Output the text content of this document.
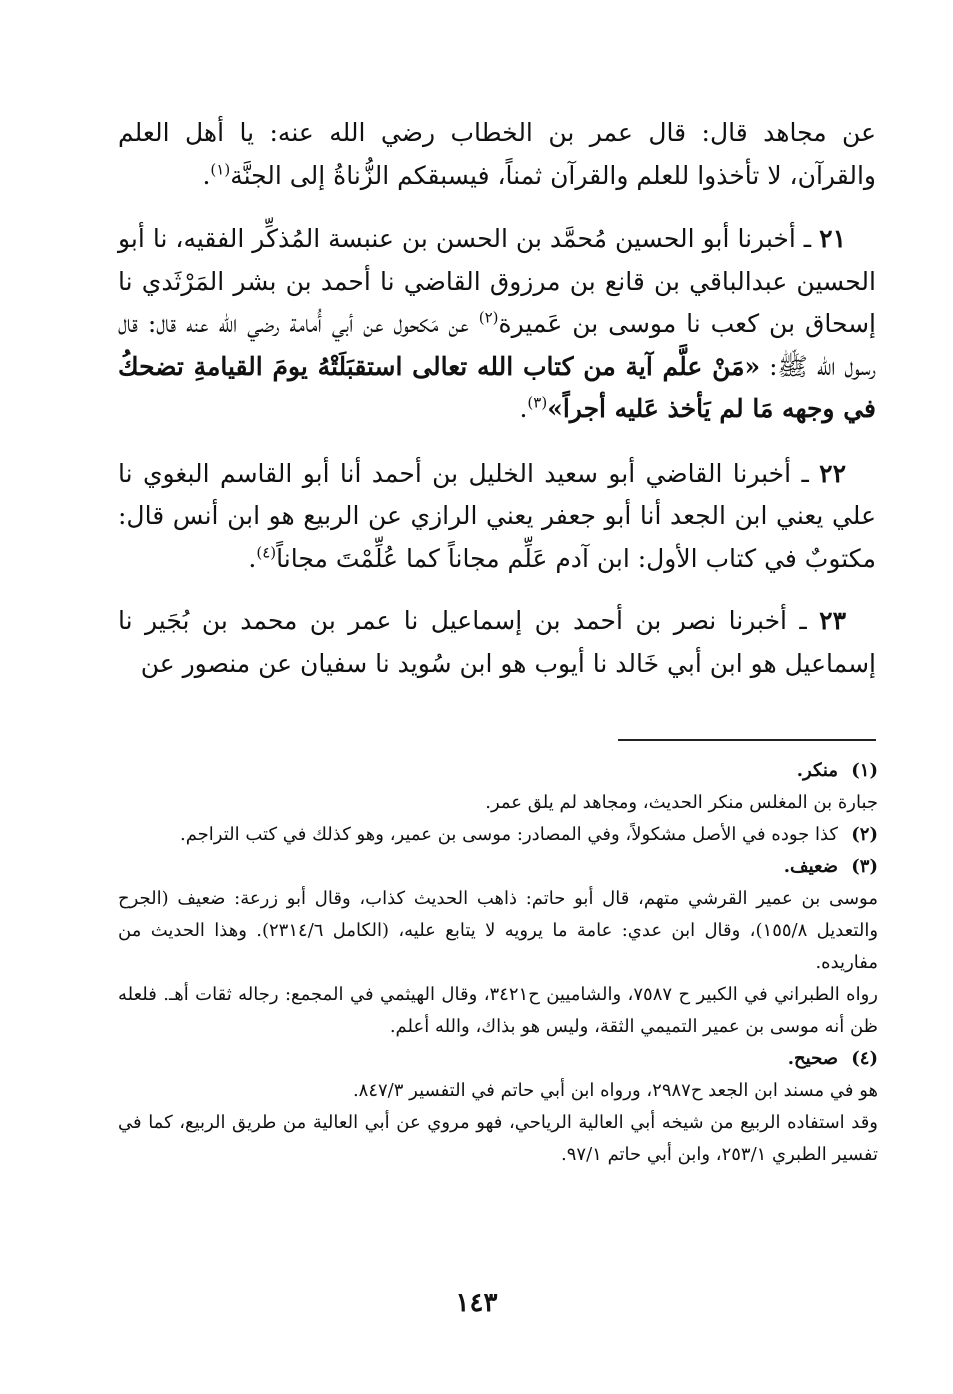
عن مجاهد قال: قال عمر بن الخطاب رضي الله عنه: يا أهل العلم والقرآن، لا تأخذوا للعلم والقرآن ثمناً، فيسبقكم الزُّناةُ إلى الجنَّة$^{(١)}$.

٢١ ـ أخبرنا أبو الحسين مُحمَّد بن الحسن بن عنبسة المُذكِّر الفقيه، نا أبو الحسين عبدالباقي بن قانع بن مرزوق القاضي نا أحمد بن بشر المَرْثَدي نا إسحاق بن كعب نا موسى بن عَميرة$^{(٢)}$ عن مَكحول عن أبي أُمامة رضي الله عنه قال: قال رسول اللّه ﷺ: «مَنْ علَّم آية من كتاب الله تعالى استقبَلَتْهُ يومَ القيامةِ تضحكُ في وجهه مَا لم يَأخذ عَليه أجراً»$^{(٣)}$.

٢٢ ـ أخبرنا القاضي أبو سعيد الخليل بن أحمد أنا أبو القاسم البغوي نا علي يعني ابن الجعد أنا أبو جعفر يعني الرازي عن الربيع هو ابن أنس قال: مكتوبٌ في كتاب الأول: ابن آدم عَلِّم مجاناً كما عُلِّمْتَ مجاناً$^{(٤)}$.

٢٣ ـ أخبرنا نصر بن أحمد بن إسماعيل نا عمر بن محمد بن بُجَير نا إسماعيل هو ابن أبي خَالد نا أيوب هو ابن سُويد نا سفيان عن منصور عن

(١)منكر.

جبارة بن المغلس منكر الحديث، ومجاهد لم يلق عمر.

(٢)
كذا جوده في الأصل مشكولاً، وفي المصادر: موسى بن عمير، وهو كذلك في كتب التراجم.

(٣)ضعيف.

موسى بن عمير القرشي متهم، قال أبو حاتم: ذاهب الحديث كذاب، وقال أبو زرعة: ضعيف (الجرح والتعديل ١٥٥/٨)، وقال ابن عدي: عامة ما يرويه لا يتابع عليه، (الكامل ٢٣١٤/٦). وهذا الحديث من مفاريده.

رواه الطبراني في الكبير ح ٧٥٨٧، والشاميين ح٣٤٢١، وقال الهيثمي في المجمع: رجاله ثقات أهـ. فلعله ظن أنه موسى بن عمير التميمي الثقة، وليس هو بذاك، والله أعلم.

(٤)صحيح.

هو في مسند ابن الجعد ح٢٩٨٧، ورواه ابن أبي حاتم في التفسير ٨٤٧/٣.

وقد استفاده الربيع من شيخه أبي العالية الرياحي، فهو مروي عن أبي العالية من طريق الربيع، كما في تفسير الطبري ٢٥٣/١، وابن أبي حاتم ٩٧/١.

١٤٣
